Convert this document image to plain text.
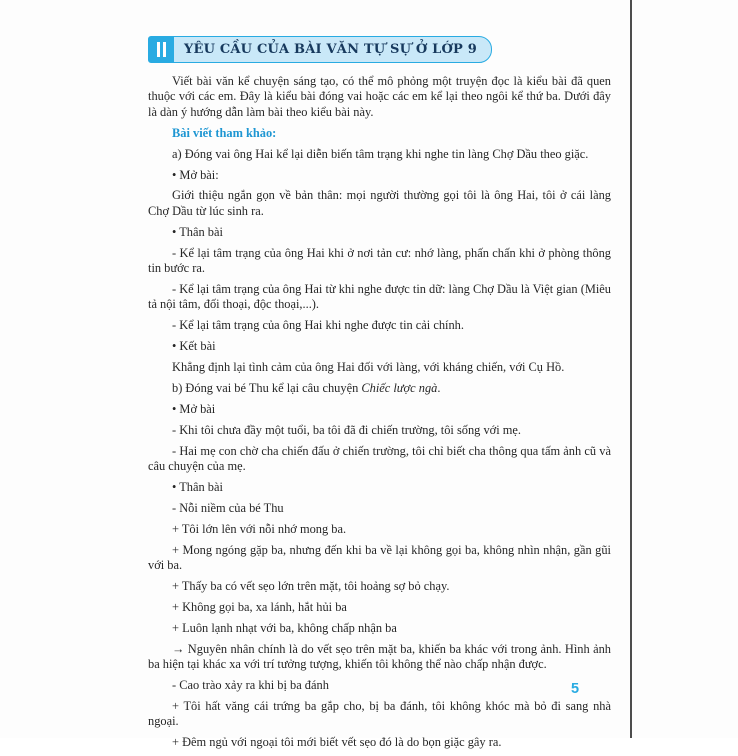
YÊU CẦU CỦA BÀI VĂN TỰ SỰ Ở LỚP 9

Viết bài văn kể chuyện sáng tạo, có thể mô phỏng một truyện đọc là kiểu bài đã quen thuộc với các em. Đây là kiểu bài đóng vai hoặc các em kể lại theo ngôi kể thứ ba. Dưới đây là dàn ý hướng dẫn làm bài theo kiểu bài này.

Bài viết tham khảo:

a) Đóng vai ông Hai kể lại diễn biến tâm trạng khi nghe tin làng Chợ Dầu theo giặc.

• Mở bài:

Giới thiệu ngắn gọn về bản thân: mọi người thường gọi tôi là ông Hai, tôi ở cái làng Chợ Dầu từ lúc sinh ra.

• Thân bài

- Kể lại tâm trạng của ông Hai khi ở nơi tản cư: nhớ làng, phấn chấn khi ở phòng thông tin bước ra.

- Kể lại tâm trạng của ông Hai từ khi nghe được tin dữ: làng Chợ Dầu là Việt gian (Miêu tả nội tâm, đối thoại, độc thoại,...).

- Kể lại tâm trạng của ông Hai khi nghe được tin cải chính.

• Kết bài

Khẳng định lại tình cảm của ông Hai đối với làng, với kháng chiến, với Cụ Hồ.

b) Đóng vai bé Thu kể lại câu chuyện Chiếc lược ngà.

• Mở bài

- Khi tôi chưa đầy một tuổi, ba tôi đã đi chiến trường, tôi sống với mẹ.

- Hai mẹ con chờ cha chiến đấu ở chiến trường, tôi chỉ biết cha thông qua tấm ảnh cũ và câu chuyện của mẹ.

• Thân bài

- Nỗi niềm của bé Thu

+ Tôi lớn lên với nỗi nhớ mong ba.

+ Mong ngóng gặp ba, nhưng đến khi ba về lại không gọi ba, không nhìn nhận, gần gũi với ba.

+ Thấy ba có vết sẹo lớn trên mặt, tôi hoảng sợ bỏ chạy.

+ Không gọi ba, xa lánh, hắt hủi ba

+ Luôn lạnh nhạt với ba, không chấp nhận ba

→ Nguyên nhân chính là do vết sẹo trên mặt ba, khiến ba khác với trong ảnh. Hình ảnh ba hiện tại khác xa với trí tưởng tượng, khiến tôi không thể nào chấp nhận được.

- Cao trào xảy ra khi bị ba đánh

+ Tôi hất văng cái trứng ba gắp cho, bị ba đánh, tôi không khóc mà bỏ đi sang nhà ngoại.

+ Đêm ngủ với ngoại tôi mới biết vết sẹo đó là do bọn giặc gây ra.

5
